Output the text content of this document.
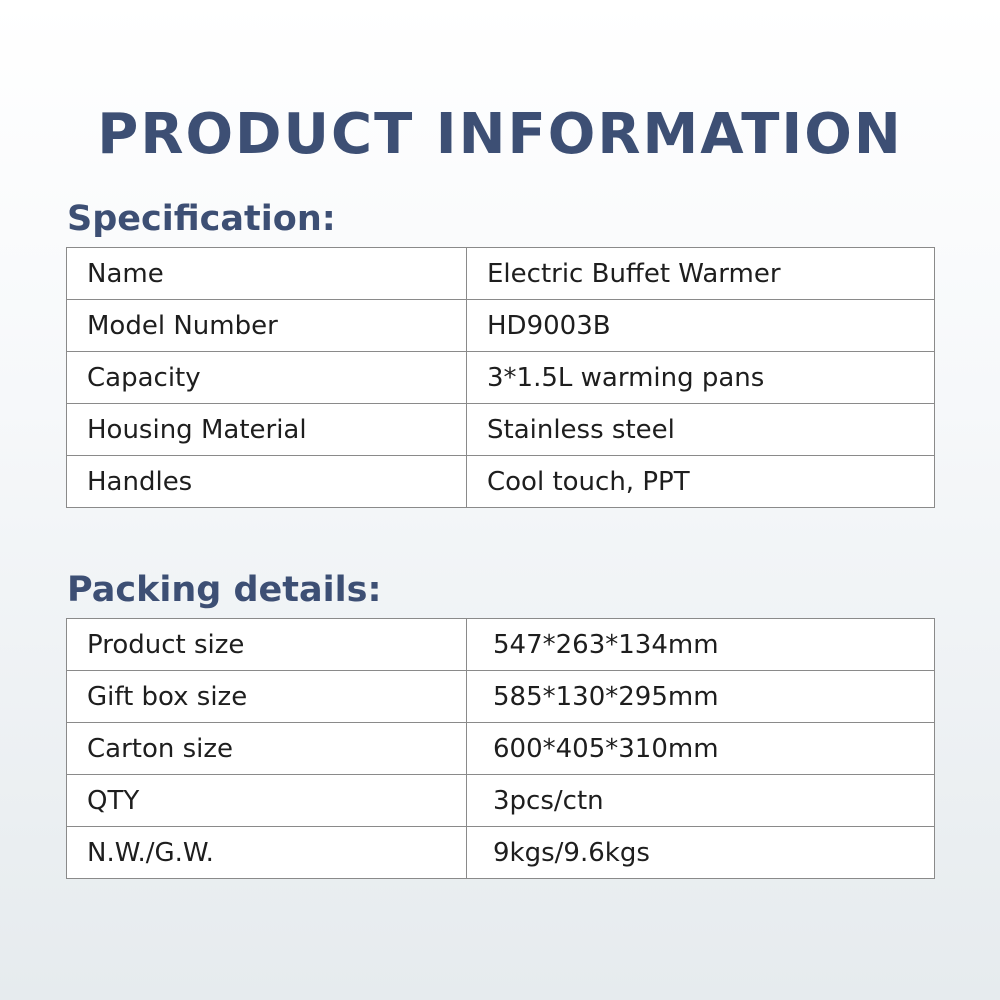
PRODUCT INFORMATION
Specification:
Name	Electric Buffet Warmer
Model Number	HD9003B
Capacity	3*1.5L warming pans
Housing Material	Stainless steel
Handles	Cool touch, PPT
Packing details:
Product size	547*263*134mm
Gift box size	585*130*295mm
Carton size	600*405*310mm
QTY	3pcs/ctn
N.W./G.W.	9kgs/9.6kgs
